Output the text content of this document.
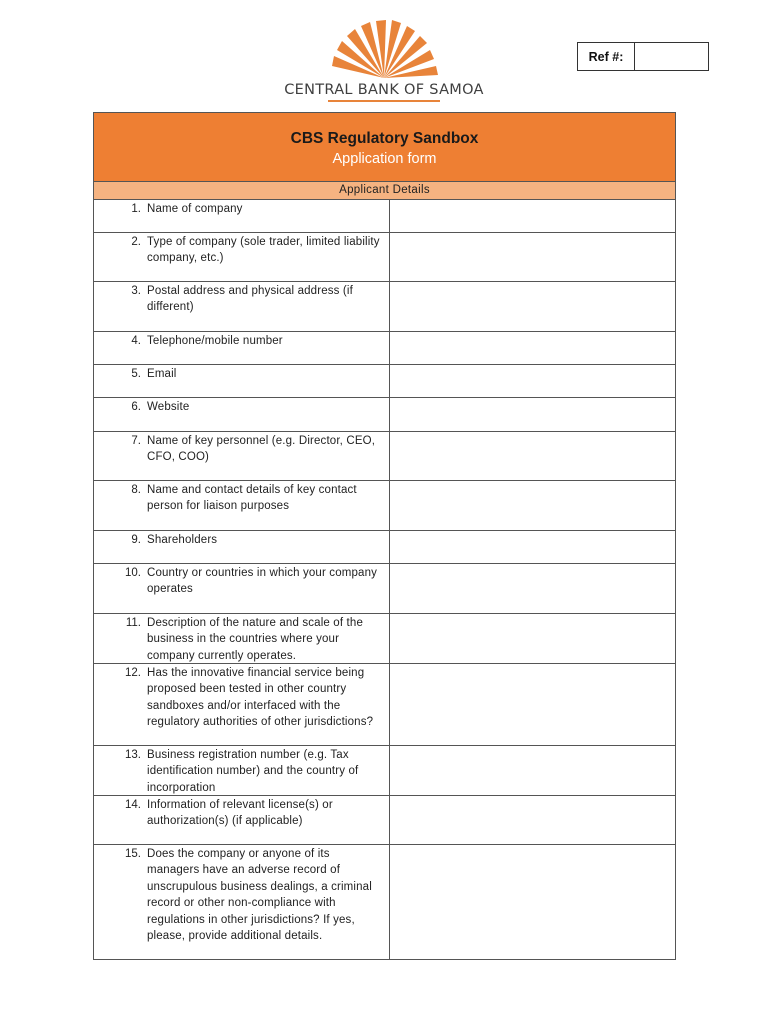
CENTRAL BANK OF SAMOA
Ref #:
CBS Regulatory Sandbox
Application form
Applicant Details
1. Name of company
2. Type of company (sole trader, limited liability company, etc.)
3. Postal address and physical address (if different)
4. Telephone/mobile number
5. Email
6. Website
7. Name of key personnel (e.g. Director, CEO, CFO, COO)
8. Name and contact details of key contact person for liaison purposes
9. Shareholders
10. Country or countries in which your company operates
11. Description of the nature and scale of the business in the countries where your company currently operates.
12. Has the innovative financial service being proposed been tested in other country sandboxes and/or interfaced with the regulatory authorities of other jurisdictions?
13. Business registration number (e.g. Tax identification number) and the country of incorporation
14. Information of relevant license(s) or authorization(s) (if applicable)
15. Does the company or anyone of its managers have an adverse record of unscrupulous business dealings, a criminal record or other non-compliance with regulations in other jurisdictions? If yes, please, provide additional details.
